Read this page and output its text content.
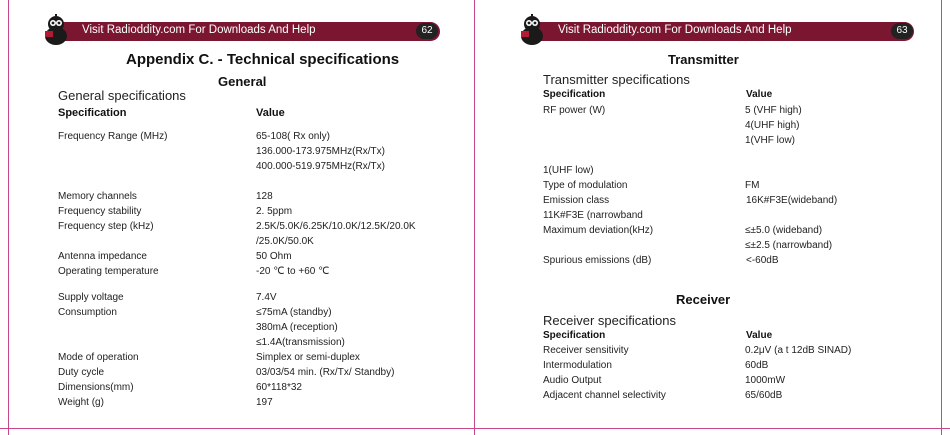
Visit Radioddity.com For Downloads And Help	62
Appendix C. - Technical specifications
General
General specifications
Specification	Value
Frequency Range (MHz)	65-108( Rx only)
136.000-173.975MHz(Rx/Tx)
400.000-519.975MHz(Rx/Tx)
Memory channels	128
Frequency stability	2. 5ppm
Frequency step (kHz)	2.5K/5.0K/6.25K/10.0K/12.5K/20.0K
/25.0K/50.0K
Antenna impedance	50 Ohm
Operating temperature	-20 ℃ to +60 ℃
Supply voltage	7.4V
Consumption	≤75mA (standby)
380mA (reception)
≤1.4A(transmission)
Mode of operation	Simplex or semi-duplex
Duty cycle	03/03/54 min. (Rx/Tx/ Standby)
Dimensions(mm)	60*118*32
Weight (g)	197
Visit Radioddity.com For Downloads And Help	63
Transmitter
Transmitter specifications
Specification	Value
RF power (W)	5 (VHF high)
4(UHF high)
1(VHF low)
1(UHF low)
Type of modulation	FM
Emission class	16K#F3E(wideband)
11K#F3E (narrowband
Maximum deviation(kHz)	≤±5.0 (wideband)
≤±2.5 (narrowband)
Spurious emissions (dB)	<-60dB
Receiver
Receiver specifications
Specification	Value
Receiver sensitivity	0.2μV (a t 12dB SINAD)
Intermodulation	60dB
Audio Output	1000mW
Adjacent channel selectivity	65/60dB
